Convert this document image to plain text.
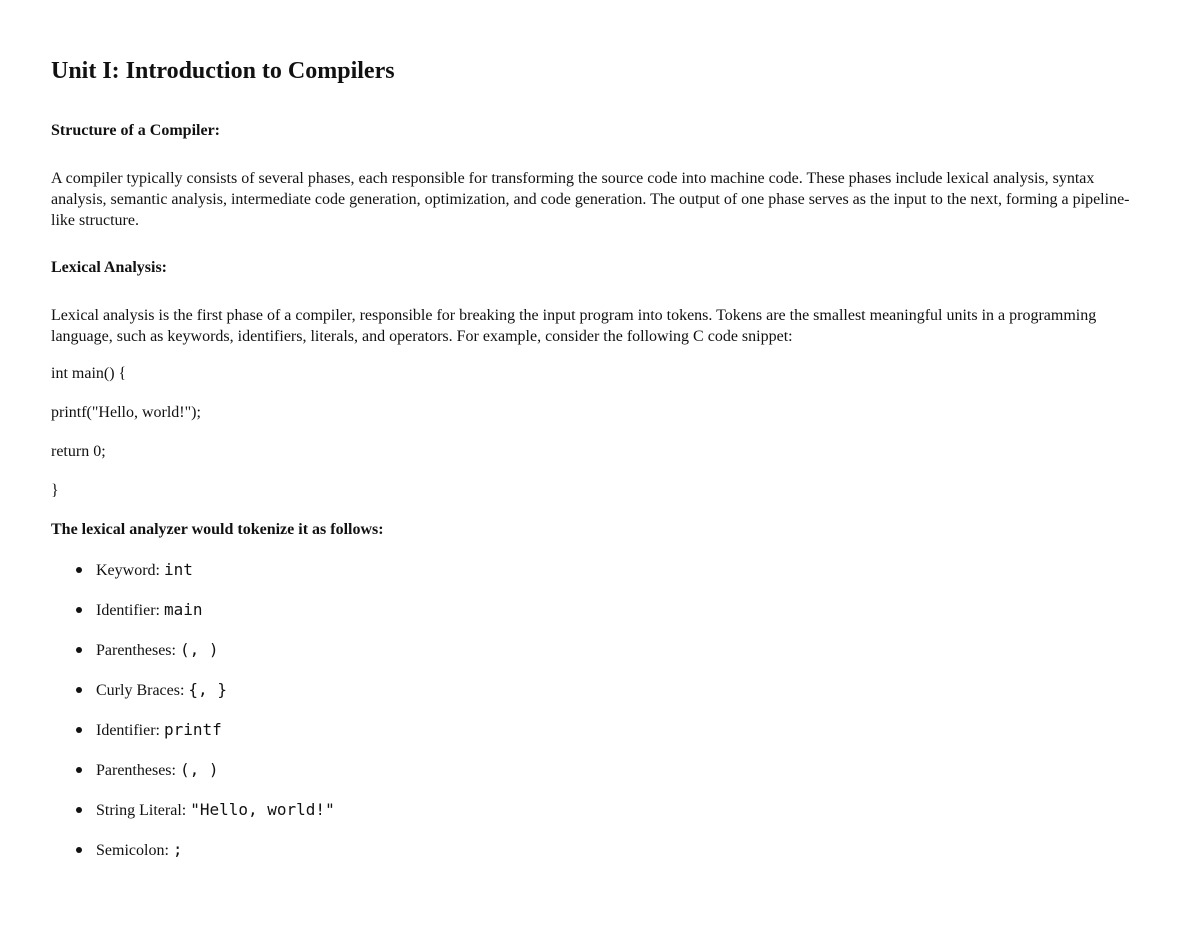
Unit I: Introduction to Compilers
Structure of a Compiler:

A compiler typically consists of several phases, each responsible for transforming the source code into machine code. These phases include lexical analysis, syntax analysis, semantic analysis, intermediate code generation, optimization, and code generation. The output of one phase serves as the input to the next, forming a pipeline-like structure.

Lexical Analysis:

Lexical analysis is the first phase of a compiler, responsible for breaking the input program into tokens. Tokens are the smallest meaningful units in a programming language, such as keywords, identifiers, literals, and operators. For example, consider the following C code snippet:

int main() {

printf("Hello, world!");

return 0;

}

The lexical analyzer would tokenize it as follows:
Keyword: int
Identifier: main
Parentheses: (, )
Curly Braces: {, }
Identifier: printf
Parentheses: (, )
String Literal: "Hello, world!"
Semicolon: ;
